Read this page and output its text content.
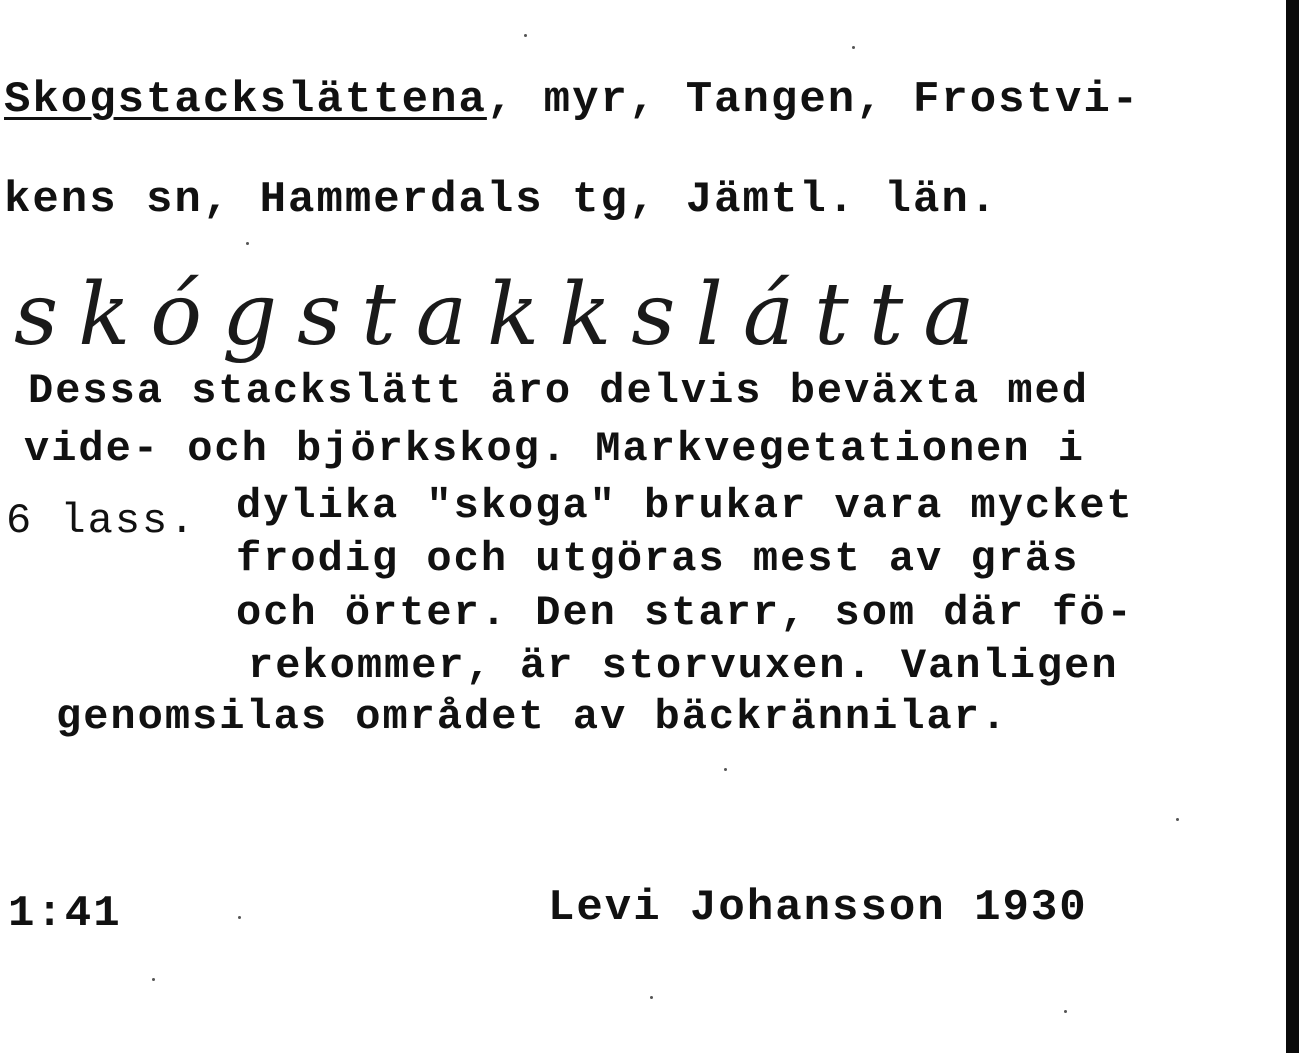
Skogstackslättena, myr, Tangen, Frostvi-
kens sn, Hammerdals tg, Jämtl. län.
skógstakkslátta
Dessa stackslätt äro delvis beväxta med
vide- och björkskog. Markvegetationen i
6 lass. dylika "skoga" brukar vara mycket
frodig och utgöras mest av gräs
och örter. Den starr, som där fö-
rekommer, är storvuxen. Vanligen
genomsilas området av bäckrännilar.
1:41	Levi Johansson 1930
